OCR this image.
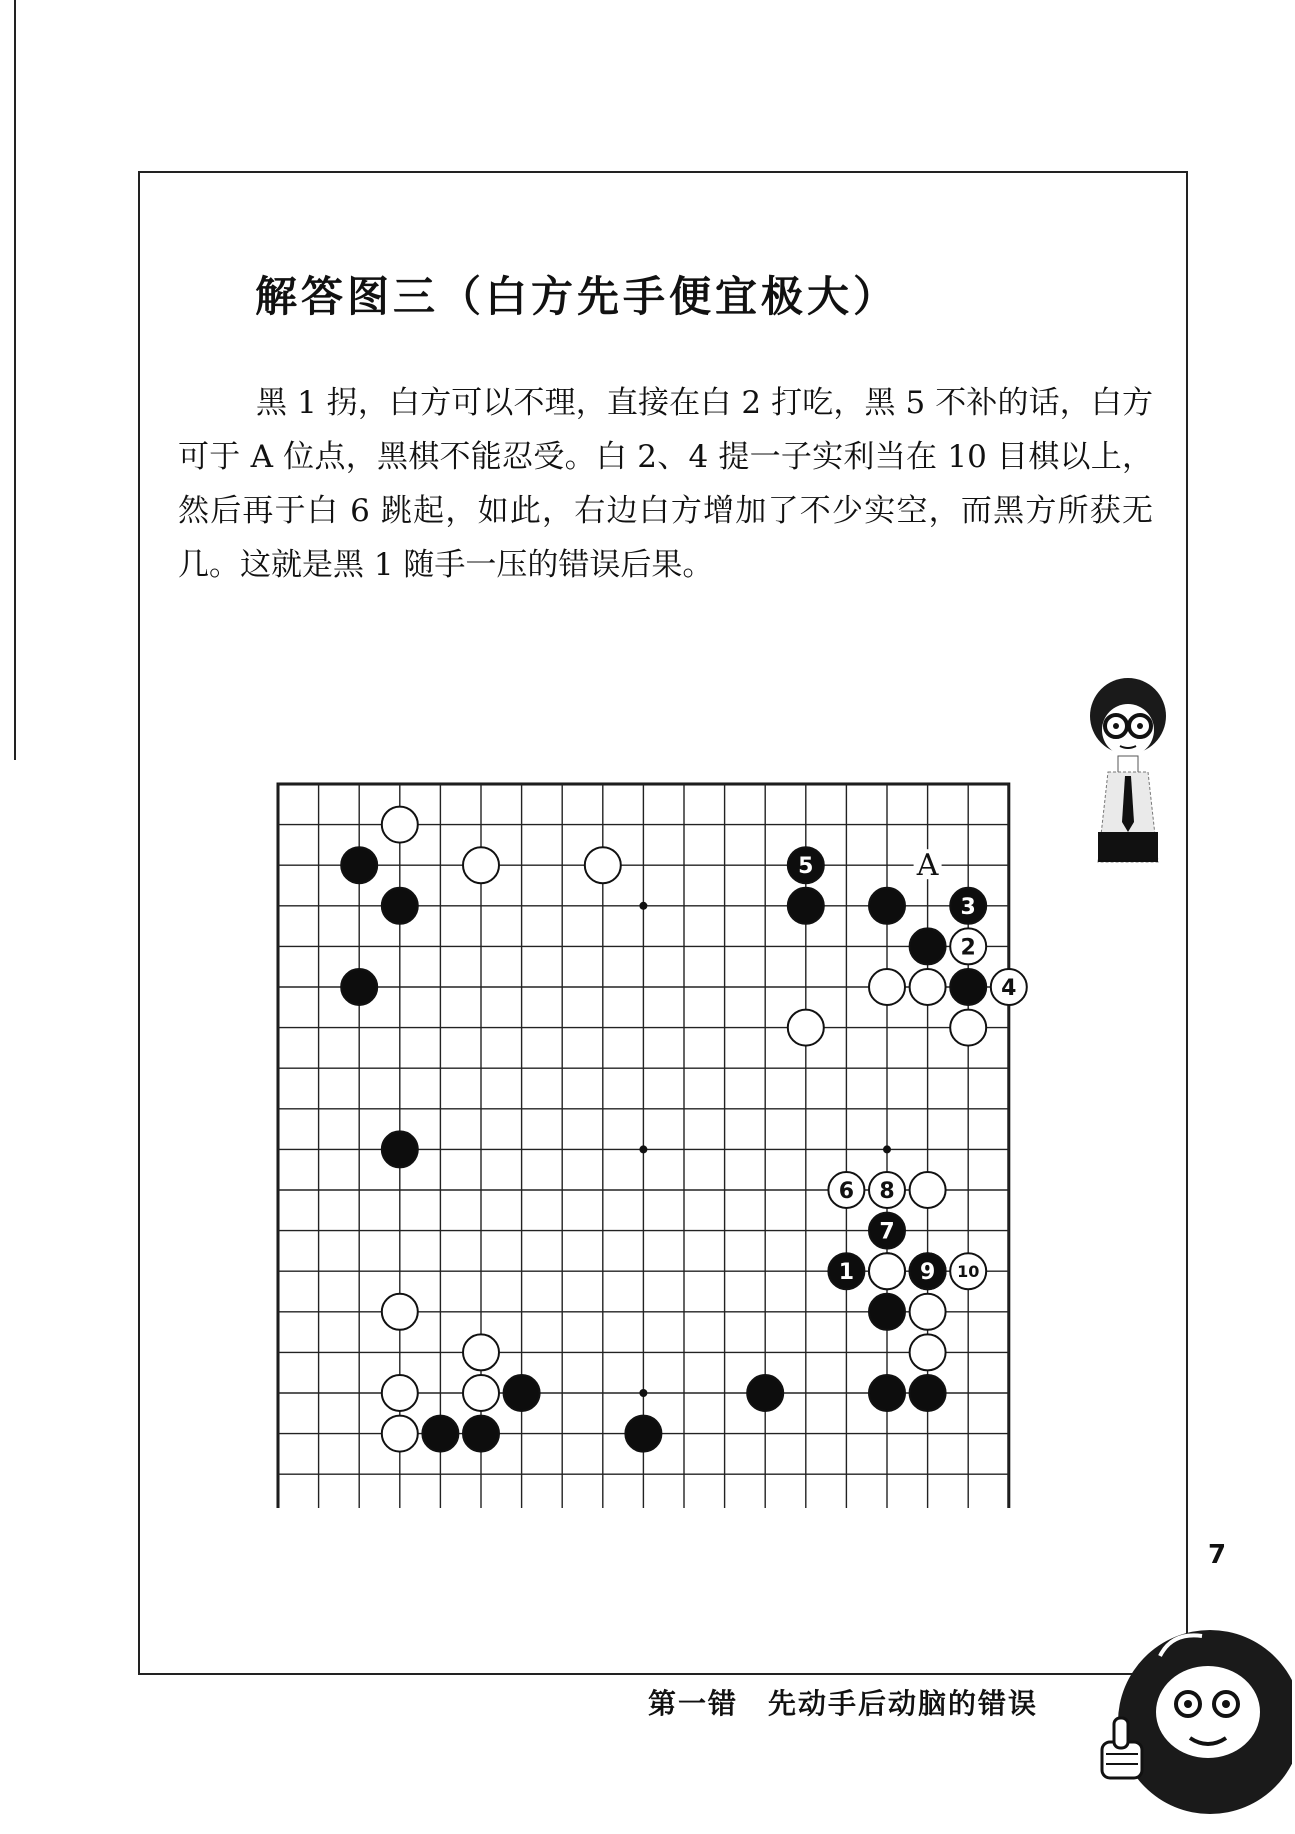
解答图三（白方先手便宜极大）
黑 1 拐，白方可以不理，直接在白 2 打吃，黑 5 不补的话，白方可于 A 位点，黑棋不能忍受。白 2、4 提一子实利当在 10 目棋以上，然后再于白 6 跳起，如此，右边白方增加了不少实空，而黑方所获无几。这就是黑 1 随手一压的错误后果。
5
3
7
1	9
2
4
6 8
10
A
7
第一错　先动手后动脑的错误
